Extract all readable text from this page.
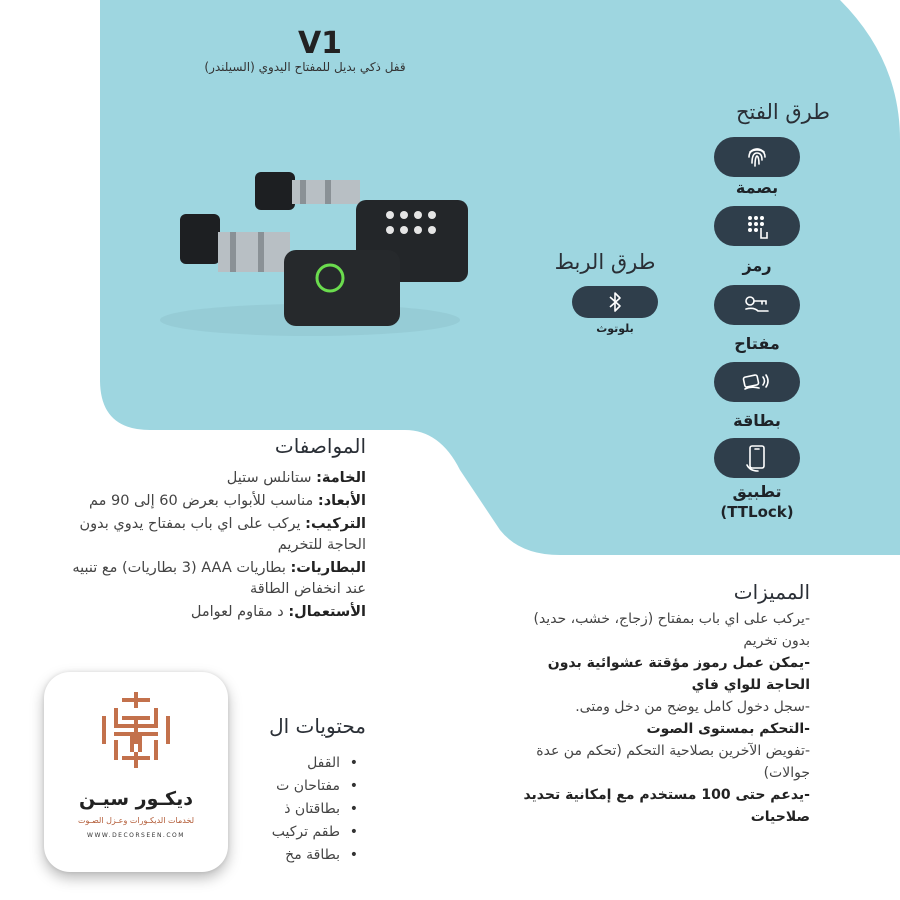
V1
قفل ذكي بديل للمفتاح اليدوي (السيلندر)
طرق الفتح
بصمة
رمز
مفتاح
بطاقة
تطبيق
(TTLock)
طرق الربط
بلوتوث
المواصفات
الخامة: ستانلس ستيل
الأبعاد: مناسب للأبواب بعرض 60 إلى 90 مم
التركيب: يركب على اي باب بمفتاح يدوي بدون الحاجة للتخريم
البطاريات: بطاريات AAA (3 بطاريات) مع تنبيه عند انخفاض الطاقة
الأستعمال: د مقاوم لعوامل
محتويات ال
• القفل
• مفتاحان ت
• بطاقتان ذ
• طقم تركيب
• بطاقة مخ
المميزات
-يركب على اي باب بمفتاح (زجاج، خشب، حديد) بدون تخريم
-يمكن عمل رموز مؤقتة عشوائية بدون الحاجة للواي فاي
-سجل دخول كامل يوضح من دخل ومتى.
-التحكم بمستوى الصوت
-تفويض الآخرين بصلاحية التحكم (تحكم من عدة جوالات)
-يدعم حتى 100 مستخدم مع إمكانية تحديد صلاحيات
ديكـور سيـن
لخدمات الديكـورات وعـزل الصـوت
WWW.DECORSEEN.COM
